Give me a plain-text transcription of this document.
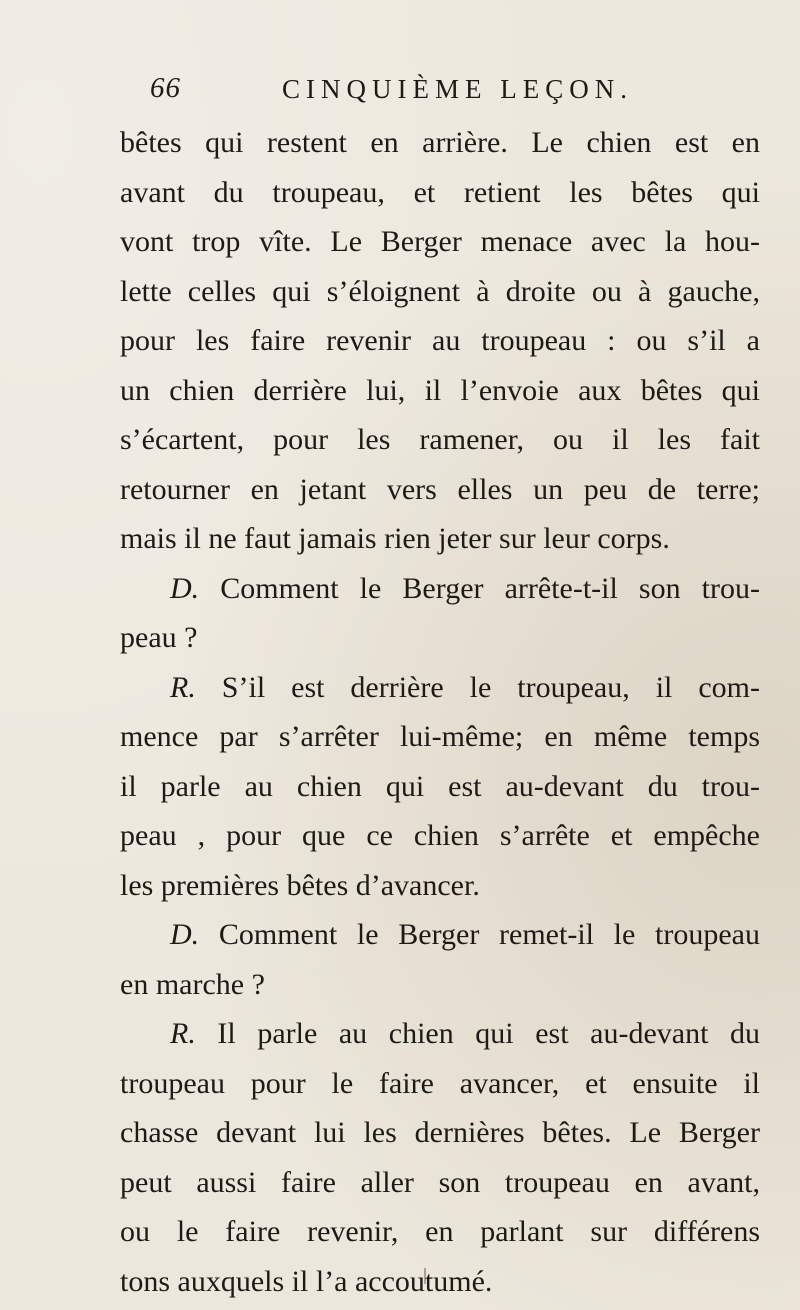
66	CINQUIÈME LEÇON.
bêtes qui restent en arrière. Le chien est en
avant du troupeau, et retient les bêtes qui
vont trop vîte. Le Berger menace avec la hou-
lette celles qui s’éloignent à droite ou à gauche,
pour les faire revenir au troupeau : ou s’il a
un chien derrière lui, il l’envoie aux bêtes qui
s’écartent, pour les ramener, ou il les fait
retourner en jetant vers elles un peu de terre;
mais il ne faut jamais rien jeter sur leur corps.
D. Comment le Berger arrête-t-il son trou-
peau ?
R. S’il est derrière le troupeau, il com-
mence par s’arrêter lui-même; en même temps
il parle au chien qui est au-devant du trou-
peau , pour que ce chien s’arrête et empêche
les premières bêtes d’avancer.
D. Comment le Berger remet-il le troupeau
en marche ?
R. Il parle au chien qui est au-devant du
troupeau pour le faire avancer, et ensuite il
chasse devant lui les dernières bêtes. Le Berger
peut aussi faire aller son troupeau en avant,
ou le faire revenir, en parlant sur différens
tons auxquels il l’a accoutumé.
